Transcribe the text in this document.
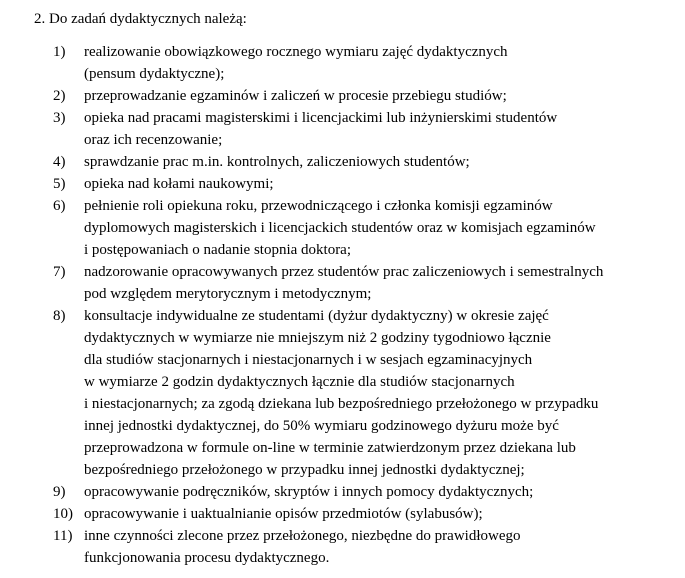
2. Do zadań dydaktycznych należą:
1) realizowanie obowiązkowego rocznego wymiaru zajęć dydaktycznych
(pensum dydaktyczne);
2) przeprowadzanie egzaminów i zaliczeń w procesie przebiegu studiów;
3) opieka nad pracami magisterskimi i licencjackimi lub inżynierskimi studentów
oraz ich recenzowanie;
4) sprawdzanie prac m.in. kontrolnych, zaliczeniowych studentów;
5) opieka nad kołami naukowymi;
6) pełnienie roli opiekuna roku, przewodniczącego i członka komisji egzaminów
dyplomowych magisterskich i licencjackich studentów oraz w komisjach egzaminów
i postępowaniach o nadanie stopnia doktora;
7) nadzorowanie opracowywanych przez studentów prac zaliczeniowych i semestralnych
pod względem merytorycznym i metodycznym;
8) konsultacje indywidualne ze studentami (dyżur dydaktyczny) w okresie zajęć
dydaktycznych w wymiarze nie mniejszym niż 2 godziny tygodniowo łącznie
dla studiów stacjonarnych i niestacjonarnych i w sesjach egzaminacyjnych
w wymiarze 2 godzin dydaktycznych łącznie dla studiów stacjonarnych
i niestacjonarnych; za zgodą dziekana lub bezpośredniego przełożonego w przypadku
innej jednostki dydaktycznej, do 50% wymiaru godzinowego dyżuru może być
przeprowadzona w formule on-line w terminie zatwierdzonym przez dziekana lub
bezpośredniego przełożonego w przypadku innej jednostki dydaktycznej;
9) opracowywanie podręczników, skryptów i innych pomocy dydaktycznych;
10) opracowywanie i uaktualnianie opisów przedmiotów (sylabusów);
11) inne czynności zlecone przez przełożonego, niezbędne do prawidłowego
funkcjonowania procesu dydaktycznego.
